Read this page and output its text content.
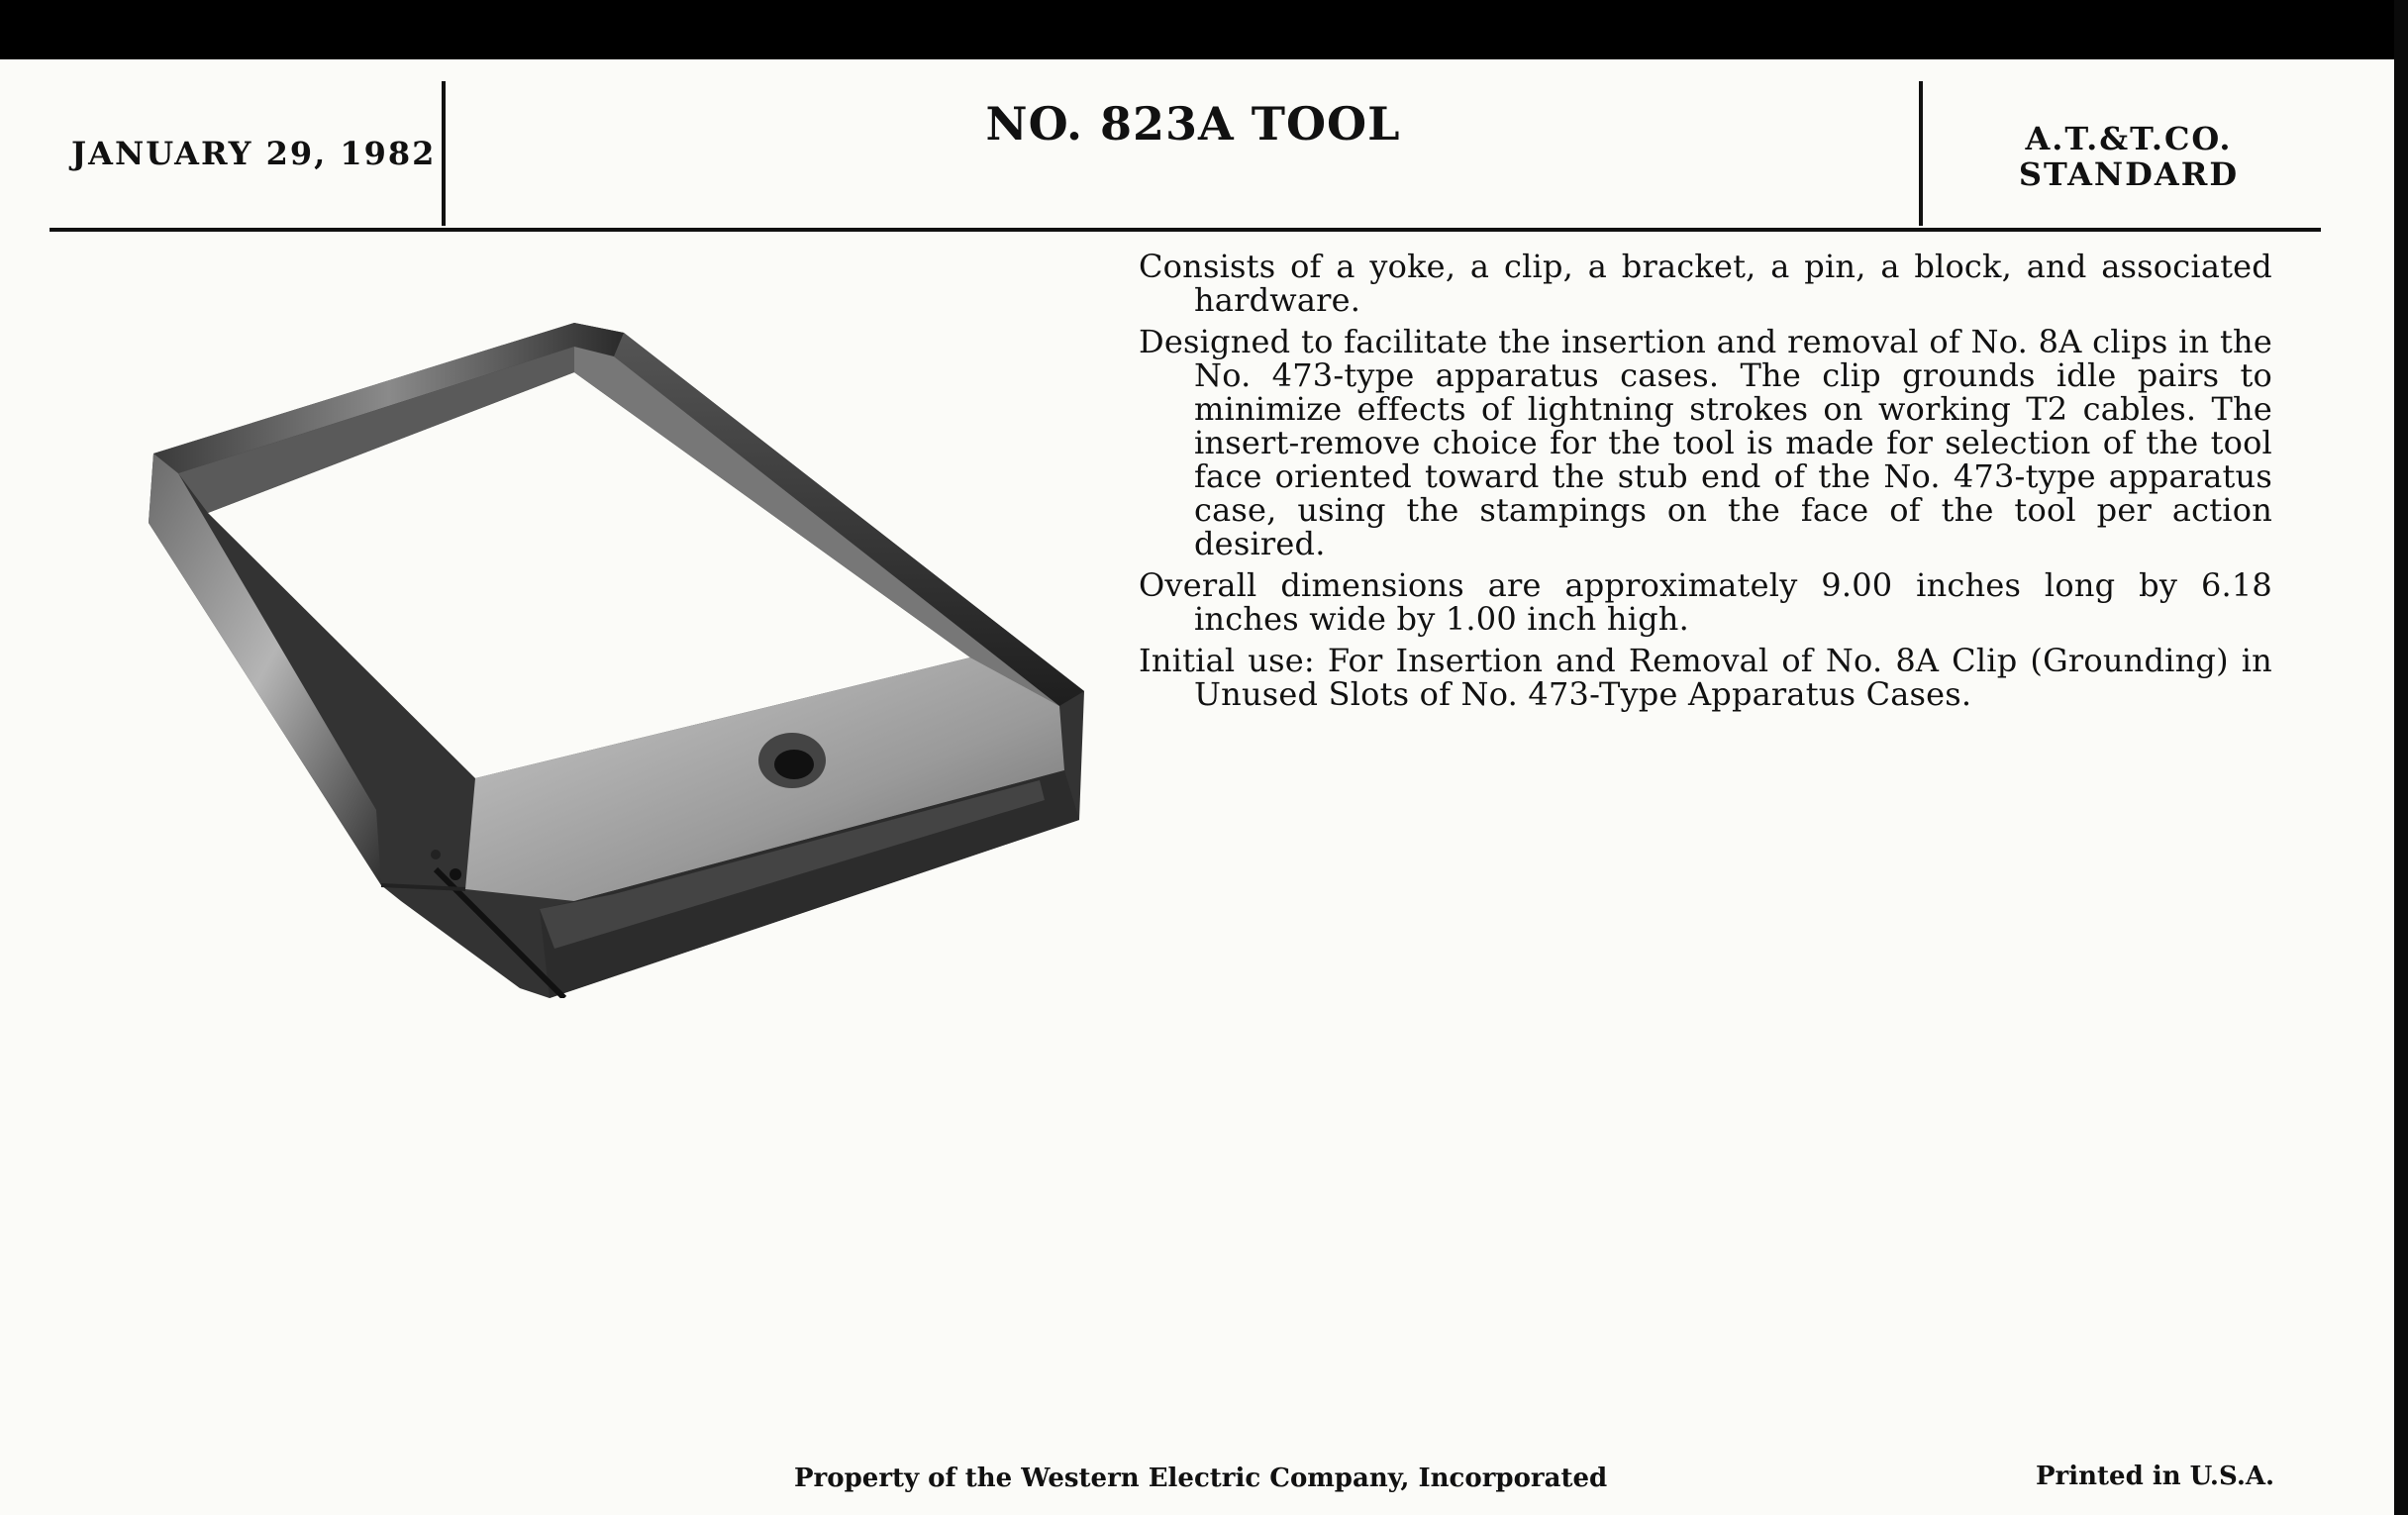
JANUARY 29, 1982
NO. 823A TOOL	A.T.&T.CO.
STANDARD

Consists of a yoke, a clip, a bracket, a pin, a block, and associated hardware.

Designed to facilitate the insertion and removal of No. 8A clips in the No. 473-type apparatus cases. The clip grounds idle pairs to minimize effects of lightning strokes on working T2 cables. The insert-remove choice for the tool is made for selection of the tool face oriented toward the stub end of the No. 473-type apparatus case, using the stampings on the face of the tool per action desired.

Overall dimensions are approximately 9.00 inches long by 6.18 inches wide by 1.00 inch high.

Initial use: For Insertion and Removal of No. 8A Clip (Grounding) in Unused Slots of No. 473-Type Apparatus Cases.

Property of the Western Electric Company, Incorporated	Printed in U.S.A.
